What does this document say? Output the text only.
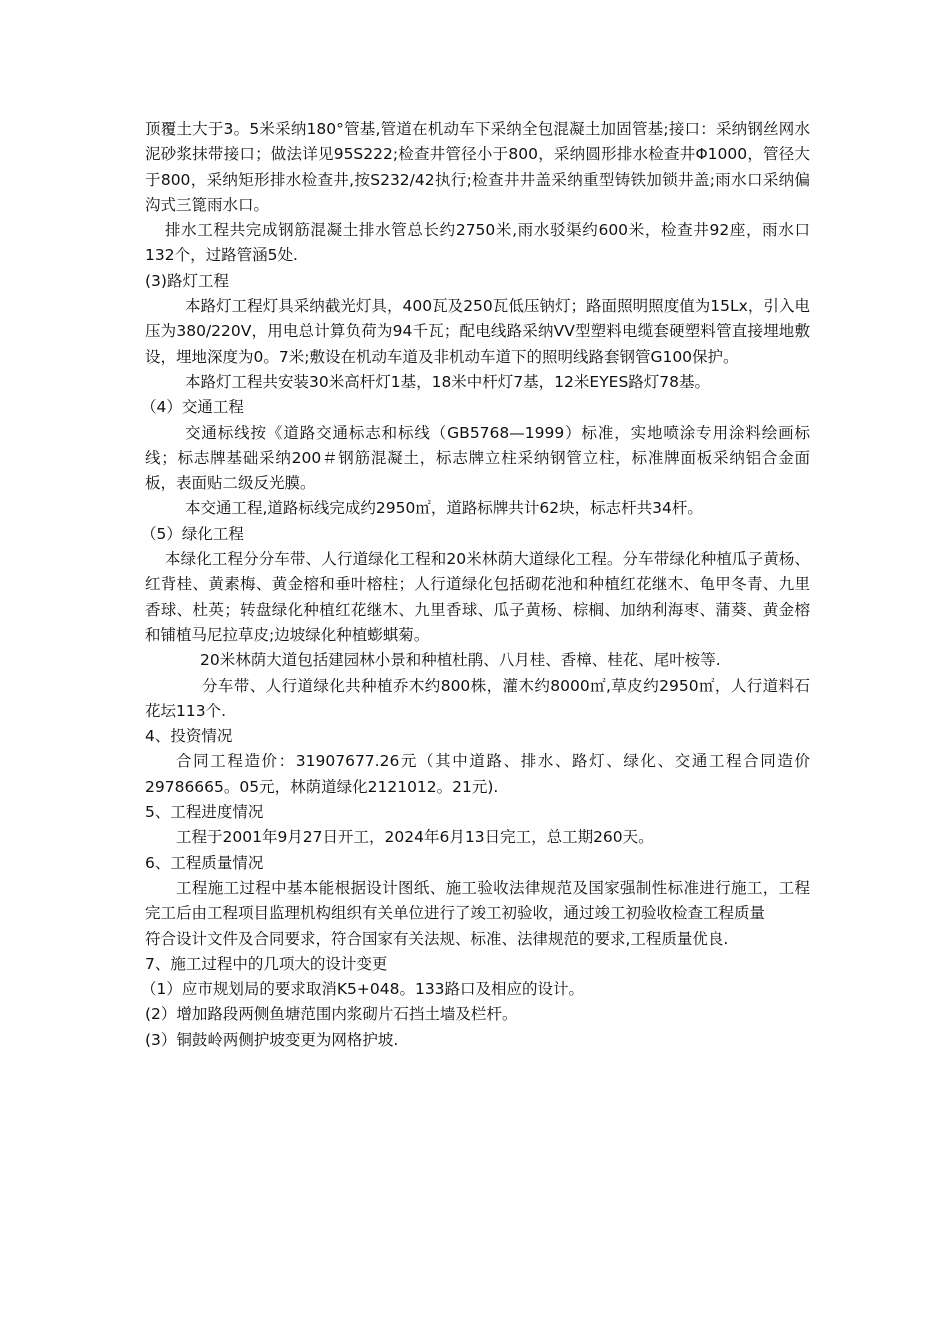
顶覆土大于3。5米采纳180°管基,管道在机动车下采纳全包混凝土加固管基;接口：采纳钢丝网水泥砂浆抹带接口；做法详见95S222;检查井管径小于800，采纳圆形排水检查井Φ1000，管径大于800，采纳矩形排水检查井,按S232/42执行;检查井井盖采纳重型铸铁加锁井盖;雨水口采纳偏沟式三篦雨水口。

排水工程共完成钢筋混凝土排水管总长约2750米,雨水驳渠约600米，检查井92座，雨水口132个，过路管涵5处.

(3)路灯工程

本路灯工程灯具采纳截光灯具，400瓦及250瓦低压钠灯；路面照明照度值为15Lx，引入电压为380/220V，用电总计算负荷为94千瓦；配电线路采纳VV型塑料电缆套硬塑料管直接埋地敷设，埋地深度为0。7米;敷设在机动车道及非机动车道下的照明线路套钢管G100保护。

本路灯工程共安装30米高杆灯1基，18米中杆灯7基，12米EYES路灯78基。

（4）交通工程

交通标线按《道路交通标志和标线（GB5768—1999）标准，实地喷涂专用涂料绘画标线；标志牌基础采纳200＃钢筋混凝土，标志牌立柱采纳钢管立柱，标准牌面板采纳铝合金面板，表面贴二级反光膜。

本交通工程,道路标线完成约2950㎡，道路标牌共计62块，标志杆共34杆。

（5）绿化工程

本绿化工程分分车带、人行道绿化工程和20米林荫大道绿化工程。分车带绿化种植瓜子黄杨、红背桂、黄素梅、黄金榕和垂叶榕柱；人行道绿化包括砌花池和种植红花继木、龟甲冬青、九里香球、杜英；转盘绿化种植红花继木、九里香球、瓜子黄杨、棕榈、加纳利海枣、蒲葵、黄金榕和铺植马尼拉草皮;边坡绿化种植蟛蜞菊。

20米林荫大道包括建园林小景和种植杜鹃、八月桂、香樟、桂花、尾叶桉等.

分车带、人行道绿化共种植乔木约800株，灌木约8000㎡,草皮约2950㎡，人行道料石花坛113个.

4、投资情况

合同工程造价：31907677.26元（其中道路、排水、路灯、绿化、交通工程合同造价29786665。05元，林荫道绿化2121012。21元).

5、工程进度情况

工程于2001年9月27日开工，2024年6月13日完工，总工期260天。

6、工程质量情况

工程施工过程中基本能根据设计图纸、施工验收法律规范及国家强制性标准进行施工，工程完工后由工程项目监理机构组织有关单位进行了竣工初验收，通过竣工初验收检查工程质量

符合设计文件及合同要求，符合国家有关法规、标准、法律规范的要求,工程质量优良.

7、施工过程中的几项大的设计变更

（1）应市规划局的要求取消K5+048。133路口及相应的设计。

(2）增加路段两侧鱼塘范围内浆砌片石挡土墙及栏杆。

(3）铜鼓岭两侧护坡变更为网格护坡.
